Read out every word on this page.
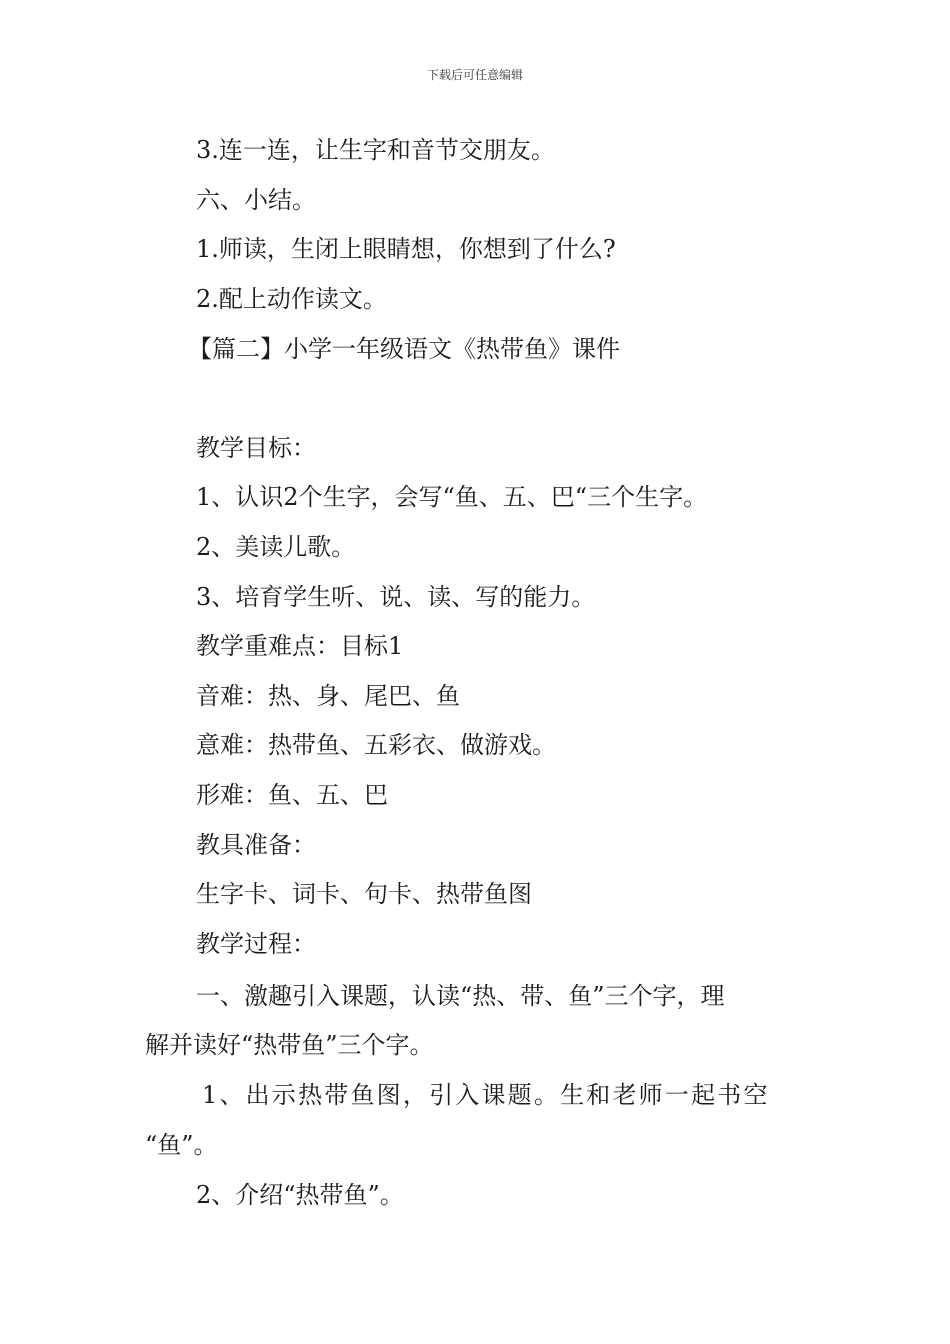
下载后可任意编辑
3.连一连，让生字和音节交朋友。
六、小结。
1.师读，生闭上眼睛想，你想到了什么?
2.配上动作读文。
【篇二】小学一年级语文《热带鱼》课件
教学目标：
1、认识2个生字，会写“鱼、五、巴“三个生字。
2、美读儿歌。
3、培育学生听、说、读、写的能力。
教学重难点：目标1
音难：热、身、尾巴、鱼
意难：热带鱼、五彩衣、做游戏。
形难：鱼、五、巴
教具准备：
生字卡、词卡、句卡、热带鱼图
教学过程：
一、激趣引入课题，认读“热、带、鱼”三个字，理
解并读好“热带鱼”三个字。
1、出示热带鱼图，引入课题。生和老师一起书空
“鱼”。
2、介绍“热带鱼”。
